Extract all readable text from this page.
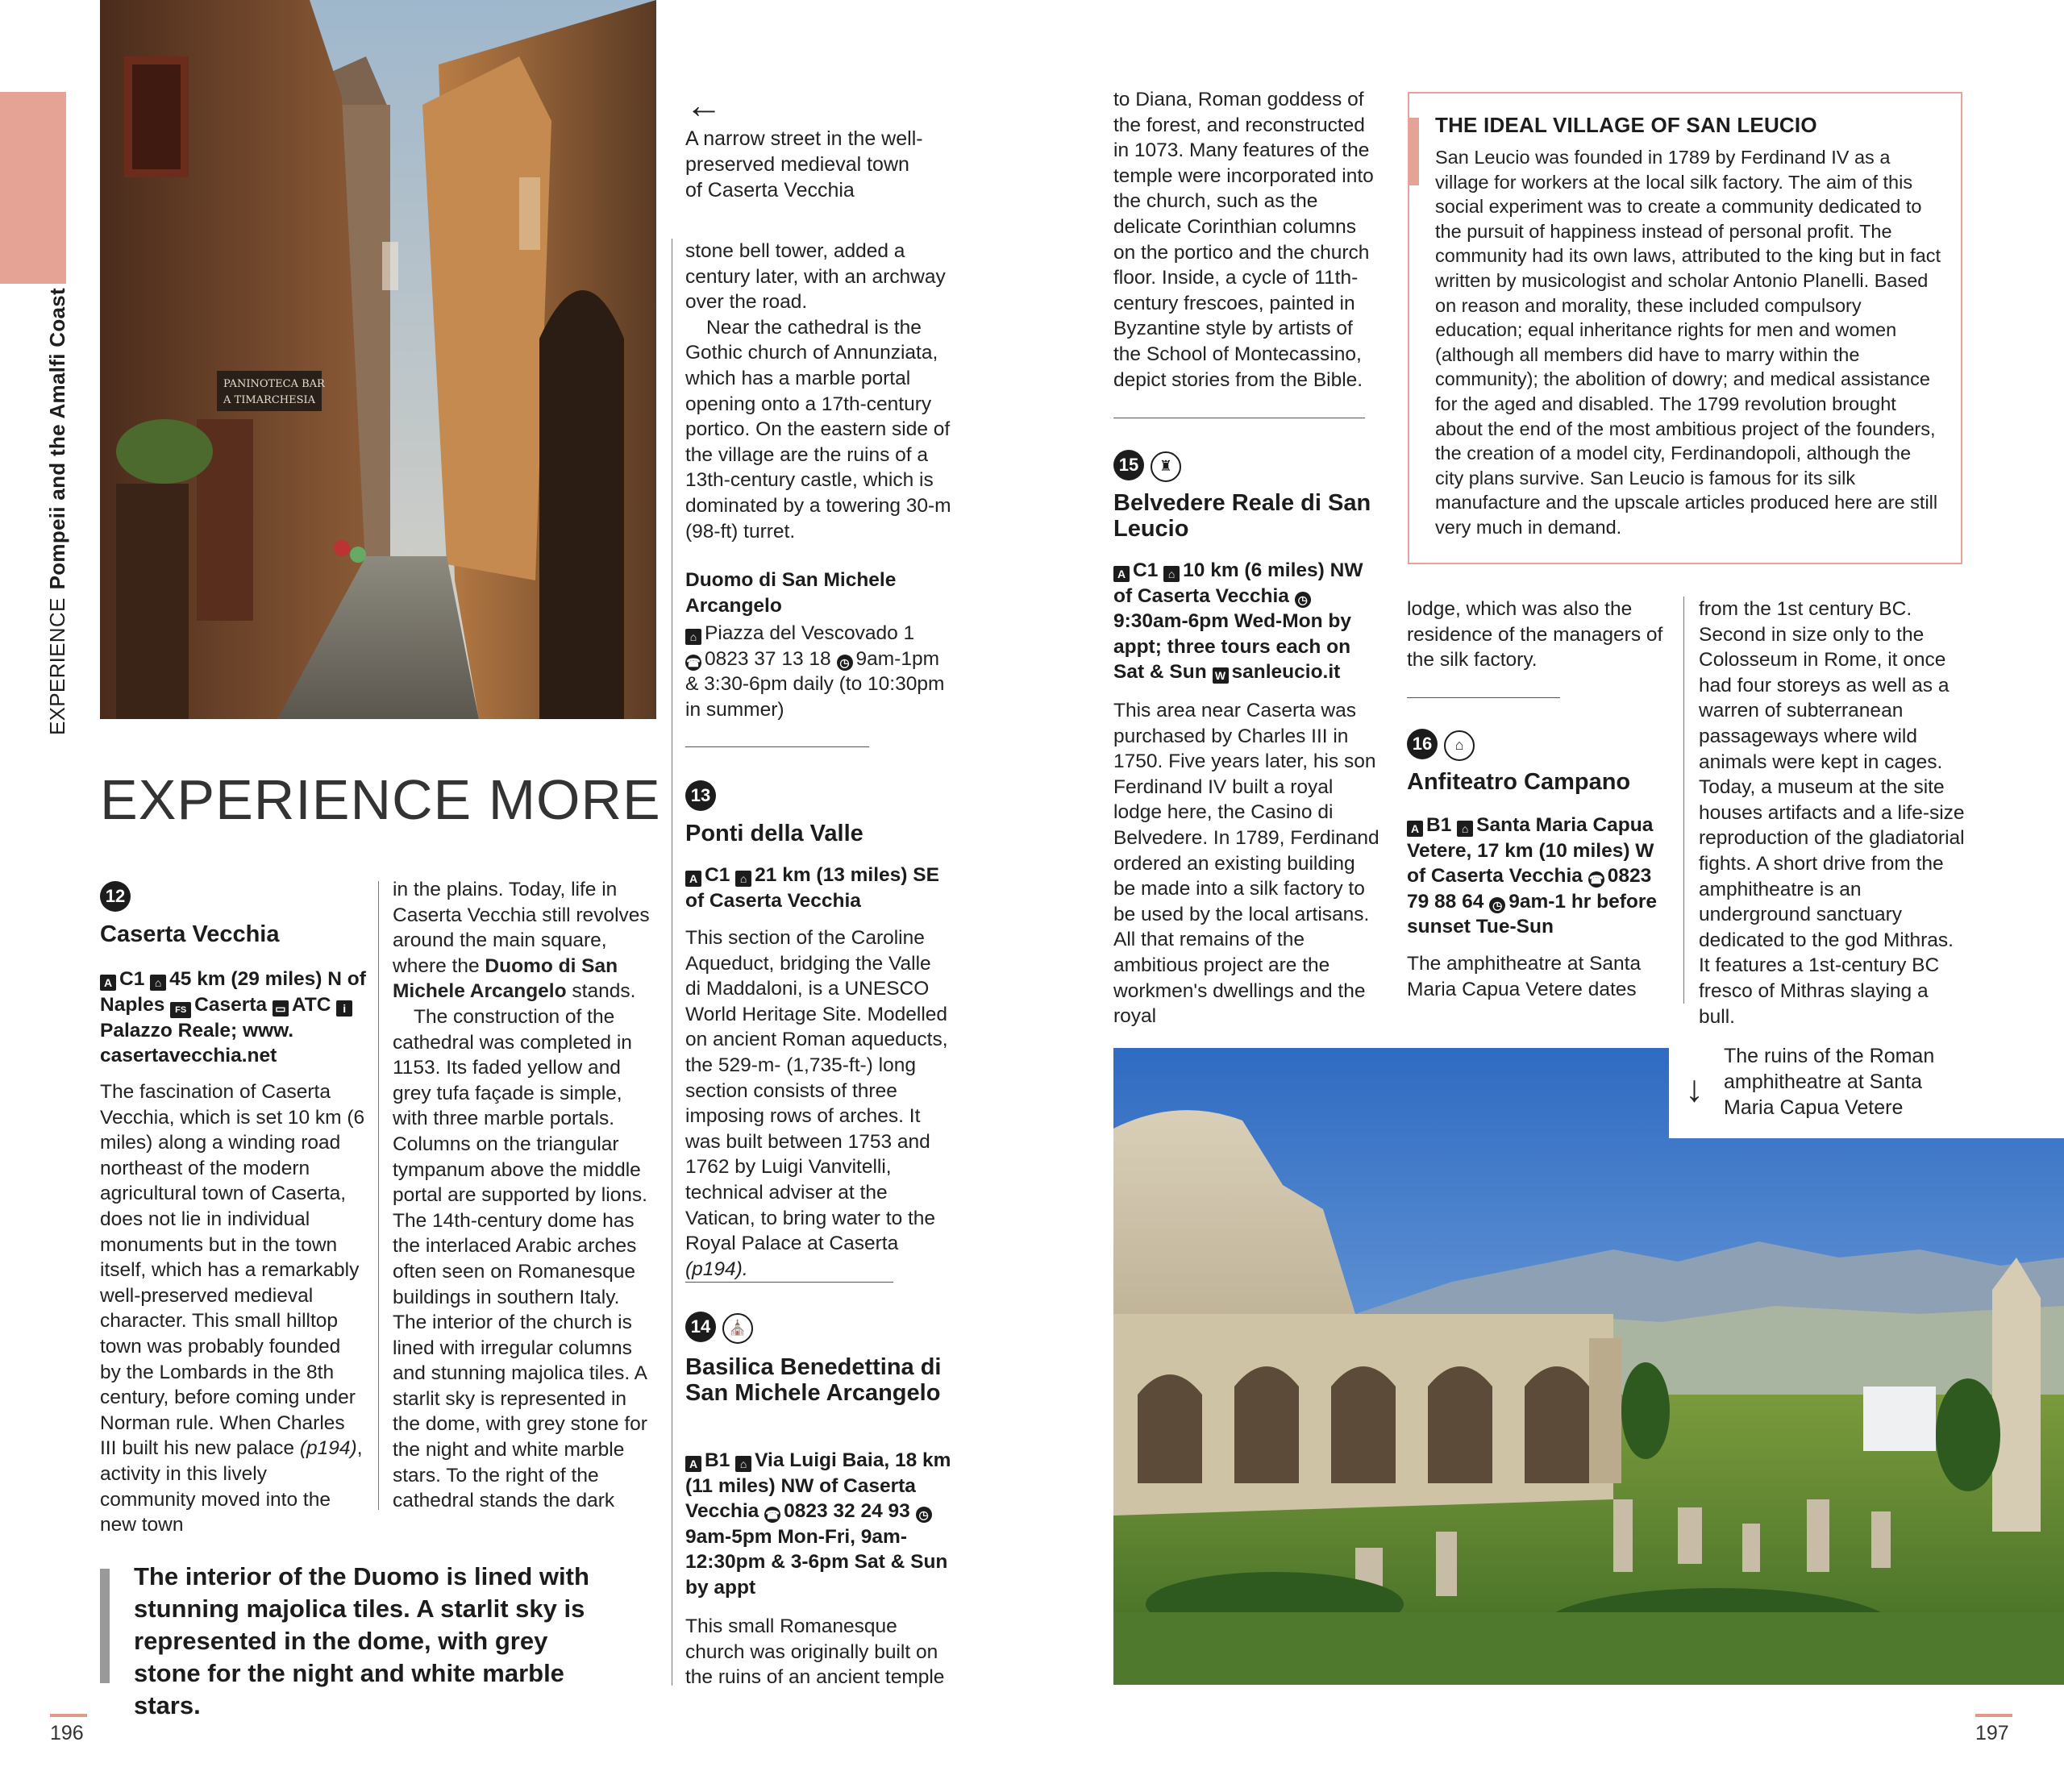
EXPERIENCEPompeii and the Amalfi Coast	PANINOTECA BAR
A TIMARCHESIA
←
A narrow street in the well-preserved medieval town of Caserta Vecchia
EXPERIENCE MORE
12
Caserta Vecchia
A C1 ⌂ 45 km (29 miles) N of Naples FS Caserta ▭ ATC iPalazzo Reale; www. casertavecchia.net

The fascination of Caserta Vecchia, which is set 10 km (6 miles) along a winding road northeast of the modern agricultural town of Caserta, does not lie in individual monuments but in the town itself, which has a remarkably well-preserved medieval character. This small hilltop town was probably founded by the Lombards in the 8th century, before coming under Norman rule. When Charles III built his new palace (p194), activity in this lively community moved into the new town

in the plains. Today, life in Caserta Vecchia still revolves around the main square, where the Duomo di San Michele Arcangelo stands.

The construction of the cathedral was completed in 1153. Its faded yellow and grey tufa façade is simple, with three marble portals. Columns on the triangular tympanum above the middle portal are supported by lions. The 14th-century dome has the interlaced Arabic arches often seen on Romanesque buildings in southern Italy. The interior of the church is lined with irregular columns and stunning majolica tiles. A starlit sky is represented in the dome, with grey stone for the night and white marble stars. To the right of the cathedral stands the dark

The interior of the Duomo is lined with stunning majolica tiles. A starlit sky is represented in the dome, with grey stone for the night and white marble stars.

stone bell tower, added a century later, with an archway over the road.

Near the cathedral is the Gothic church of Annunziata, which has a marble portal opening onto a 17th-century portico. On the eastern side of the village are the ruins of a 13th-century castle, which is dominated by a towering 30-m (98-ft) turret.

Duomo di San Michele Arcangelo
⌂ Piazza del Vescovado 1
☎ 0823 37 13 18 ◷ 9am-1pm & 3:30-6pm daily (to 10:30pm in summer)
13
Ponti della Valle
A C1 ⌂ 21 km (13 miles) SE of Caserta Vecchia

This section of the Caroline Aqueduct, bridging the Valle di Maddaloni, is a UNESCO World Heritage Site. Modelled on ancient Roman aqueducts, the 529-m- (1,735-ft-) long section consists of three imposing rows of arches. It was built between 1753 and 1762 by Luigi Vanvitelli, technical adviser at the Vatican, to bring water to the Royal Palace at Caserta (p194).

14 ⛪
Basilica Benedettina di San Michele Arcangelo
A B1 ⌂ Via Luigi Baia, 18 km (11 miles) NW of Caserta Vecchia ☎ 0823 32 24 93 ◷9am-5pm Mon-Fri, 9am-12:30pm & 3-6pm Sat & Sun by appt
This small Romanesque church was originally built on the ruins of an ancient temple
to Diana, Roman goddess of the forest, and reconstructed in 1073. Many features of the temple were incorporated into the church, such as the delicate Corinthian columns on the portico and the church floor. Inside, a cycle of 11th-century frescoes, painted in Byzantine style by artists of the School of Montecassino, depict stories from the Bible.
15 ♜
Belvedere Reale di San Leucio
A C1 ⌂ 10 km (6 miles) NW of Caserta Vecchia ◷9:30am-6pm Wed-Mon by appt; three tours each on Sat & Sun W sanleucio.it
This area near Caserta was purchased by Charles III in 1750. Five years later, his son Ferdinand IV built a royal lodge here, the Casino di Belvedere. In 1789, Ferdinand ordered an existing building be made into a silk factory to be used by the local artisans. All that remains of the ambitious project are the workmen's dwellings and the royal
THE IDEAL VILLAGE OF SAN LEUCIO
San Leucio was founded in 1789 by Ferdinand IV as a village for workers at the local silk factory. The aim of this social experiment was to create a community dedicated to the pursuit of happiness instead of personal profit. The community had its own laws, attributed to the king but in fact written by musicologist and scholar Antonio Planelli. Based on reason and morality, these included compulsory education; equal inheritance rights for men and women (although all members did have to marry within the community); the abolition of dowry; and medical assistance for the aged and disabled. The 1799 revolution brought about the end of the most ambitious project of the founders, the creation of a model city, Ferdinandopoli, although the city plans survive. San Leucio is famous for its silk manufacture and the upscale articles produced here are still very much in demand.
lodge, which was also the residence of the managers of the silk factory.
16 ⌂
Anfiteatro Campano
A B1 ⌂ Santa Maria Capua Vetere, 17 km (10 miles) W of Caserta Vecchia ☎ 0823 79 88 64 ◷ 9am-1 hr before sunset Tue-Sun
The amphitheatre at Santa Maria Capua Vetere dates
from the 1st century BC. Second in size only to the Colosseum in Rome, it once had four storeys as well as a warren of subterranean passageways where wild animals were kept in cages. Today, a museum at the site houses artifacts and a life-size reproduction of the gladiatorial fights. A short drive from the amphitheatre is an underground sanctuary dedicated to the god Mithras. It features a 1st-century BC fresco of Mithras slaying a bull.
↓
The ruins of the Roman amphitheatre at Santa Maria Capua Vetere
196	197
